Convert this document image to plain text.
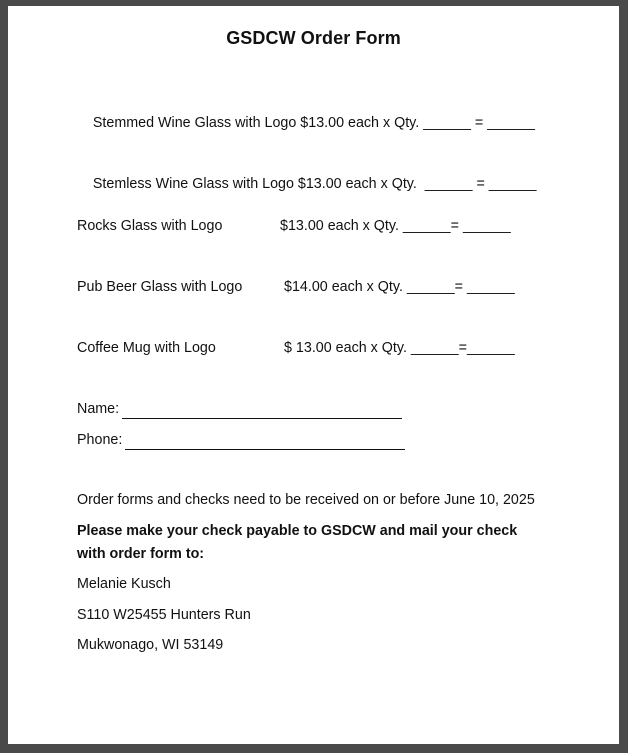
GSDCW Order Form

Stemmed Wine Glass with Logo $13.00 each x Qty. ______ = ______

Stemless Wine Glass with Logo $13.00 each x Qty.  ______ = ______

Rocks Glass with Logo	$13.00 each x Qty. ______= ______
Pub Beer Glass with Logo	$14.00 each x Qty. ______= ______
Coffee Mug with Logo	$ 13.00 each x Qty. ______=______
Name:
Phone:
Order forms and checks need to be received on or before June 10, 2025
Please make your check payable to GSDCW and mail your check with order form to:
Melanie Kusch
S110 W25455 Hunters Run
Mukwonago, WI 53149
